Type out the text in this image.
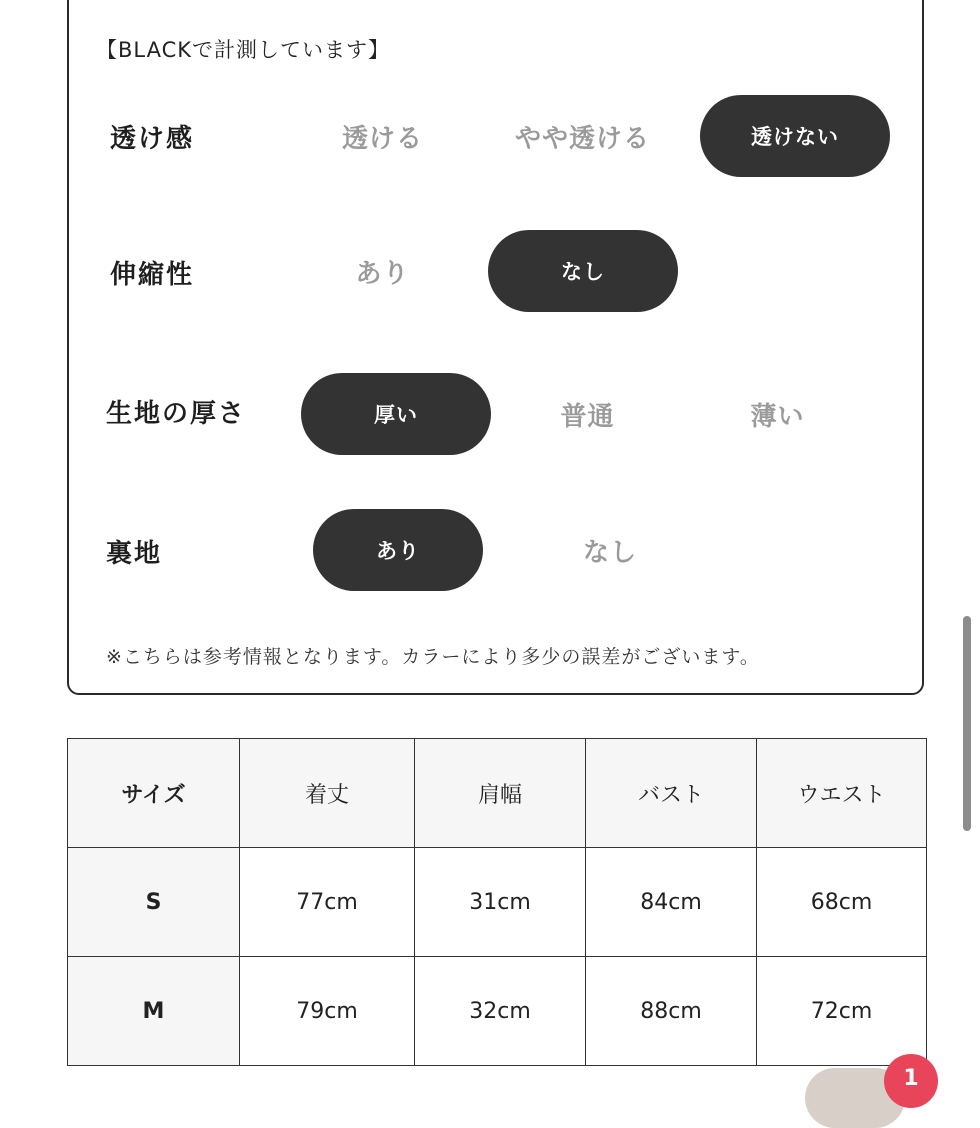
【BLACKで計測しています】
透け感	透ける	やや透ける	透けない
伸縮性	あり	なし
生地の厚さ	厚い	普通	薄い
裏地	あり	なし
※こちらは参考情報となります。カラーにより多少の誤差がございます。
サイズ	着丈	肩幅	バスト	ウエスト
S	77cm	31cm	84cm	68cm
M	79cm	32cm	88cm	72cm
1
